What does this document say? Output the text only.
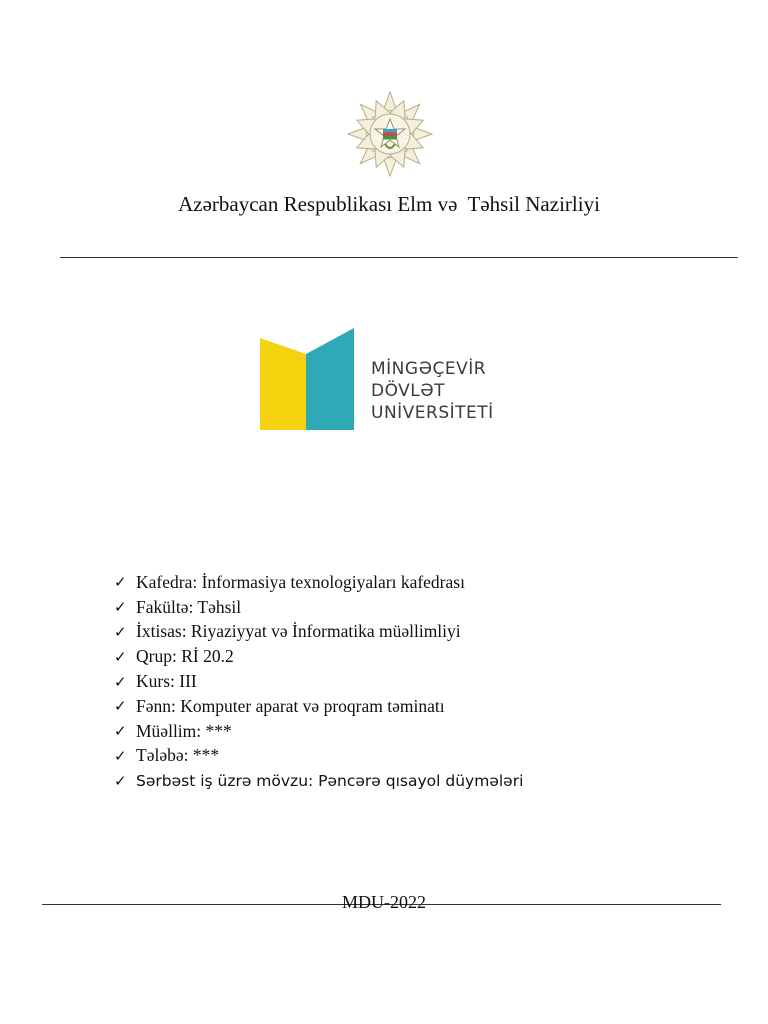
Azərbaycan Respublikası Elm və  Təhsil Nazirliyi
MİNGƏÇEVİR
DÖVLƏT
UNİVERSİTETİ
✓ Kafedra: İnformasiya texnologiyaları kafedrası
✓ Fakültə: Təhsil
✓ İxtisas: Riyaziyyat və İnformatika müəllimliyi
✓ Qrup: Rİ 20.2
✓ Kurs: III
✓ Fənn: Komputer aparat və proqram təminatı
✓ Müəllim: ***
✓ Tələbə: ***
✓ Sərbəst iş üzrə mövzu: Pəncərə qısayol düymələri
MDU-2022
